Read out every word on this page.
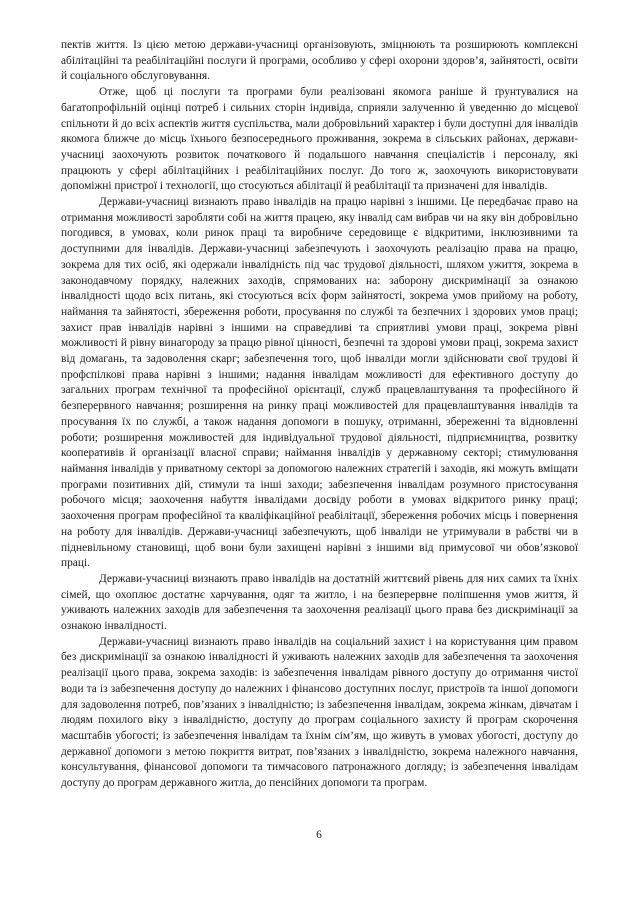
пектів життя. Із цією метою держави-учасниці організовують, зміцнюють та розширюють комплексні абілітаційні та реабілітаційні послуги й програми, особливо у сфері охорони здоров’я, зайнятості, освіти й соціального обслуговування.

Отже, щоб ці послуги та програми були реалізовані якомога раніше й ґрунтувалися на багатопрофільній оцінці потреб і сильних сторін індивіда, сприяли залученню й уведенню до місцевої спільноти й до всіх аспектів життя суспільства, мали добровільний характер і були доступні для інвалідів якомога ближче до місць їхнього безпосереднього проживання, зокрема в сільських районах, держави-учасниці заохочують розвиток початкового й подальшого навчання спеціалістів і персоналу, які працюють у сфері абілітаційних і реабілітаційних послуг. До того ж, заохочують використовувати допоміжні пристрої і технології, що стосуються абілітації й реабілітації та призначені для інвалідів.

Держави-учасниці визнають право інвалідів на працю нарівні з іншими. Це передбачає право на отримання можливості заробляти собі на життя працею, яку інвалід сам вибрав чи на яку він добровільно погодився, в умовах, коли ринок праці та виробниче середовище є відкритими, інклюзивними та доступними для інвалідів. Держави-учасниці забезпечують і заохочують реалізацію права на працю, зокрема для тих осіб, які одержали інвалідність під час трудової діяльності, шляхом ужиття, зокрема в законодавчому порядку, належних заходів, спрямованих на: заборону дискримінації за ознакою інвалідності щодо всіх питань, які стосуються всіх форм зайнятості, зокрема умов прийому на роботу, наймання та зайнятості, збереження роботи, просування по службі та безпечних і здорових умов праці; захист прав інвалідів нарівні з іншими на справедливі та сприятливі умови праці, зокрема рівні можливості й рівну винагороду за працю рівної цінності, безпечні та здорові умови праці, зокрема захист від домагань, та задоволення скарг; забезпечення того, щоб інваліди могли здійснювати свої трудові й профспілкові права нарівні з іншими; надання інвалідам можливості для ефективного доступу до загальних програм технічної та професійної орієнтації, служб працевлаштування та професійного й безперервного навчання; розширення на ринку праці можливостей для працевлаштування інвалідів та просування їх по службі, а також надання допомоги в пошуку, отриманні, збереженні та відновленні роботи; розширення можливостей для індивідуальної трудової діяльності, підприємництва, розвитку кооперативів й організації власної справи; наймання інвалідів у державному секторі; стимулювання наймання інвалідів у приватному секторі за допомогою належних стратегій і заходів, які можуть вміщати програми позитивних дій, стимули та інші заходи; забезпечення інвалідам розумного пристосування робочого місця; заохочення набуття інвалідами досвіду роботи в умовах відкритого ринку праці; заохочення програм професійної та кваліфікаційної реабілітації, збереження робочих місць і повернення на роботу для інвалідів. Держави-учасниці забезпечують, щоб інваліди не утримували в рабстві чи в підневільному становищі, щоб вони були захищені нарівні з іншими від примусової чи обов’язкової праці.

Держави-учасниці визнають право інвалідів на достатній життєвий рівень для них самих та їхніх сімей, що охоплює достатнє харчування, одяг та житло, і на безперервне поліпшення умов життя, й уживають належних заходів для забезпечення та заохочення реалізації цього права без дискримінації за ознакою інвалідності.

Держави-учасниці визнають право інвалідів на соціальний захист і на користування цим правом без дискримінації за ознакою інвалідності й уживають належних заходів для забезпечення та заохочення реалізації цього права, зокрема заходів: із забезпечення інвалідам рівного доступу до отримання чистої води та із забезпечення доступу до належних і фінансово доступних послуг, пристроїв та іншої допомоги для задоволення потреб, пов’язаних з інвалідністю; із забезпечення інвалідам, зокрема жінкам, дівчатам і людям похилого віку з інвалідністю, доступу до програм соціального захисту й програм скорочення масштабів убогості; із забезпечення інвалідам та їхнім сім’ям, що живуть в умовах убогості, доступу до державної допомоги з метою покриття витрат, пов’язаних з інвалідністю, зокрема належного навчання, консультування, фінансової допомоги та тимчасового патронажного догляду; із забезпечення інвалідам доступу до програм державного житла, до пенсійних допомоги та програм.

6
